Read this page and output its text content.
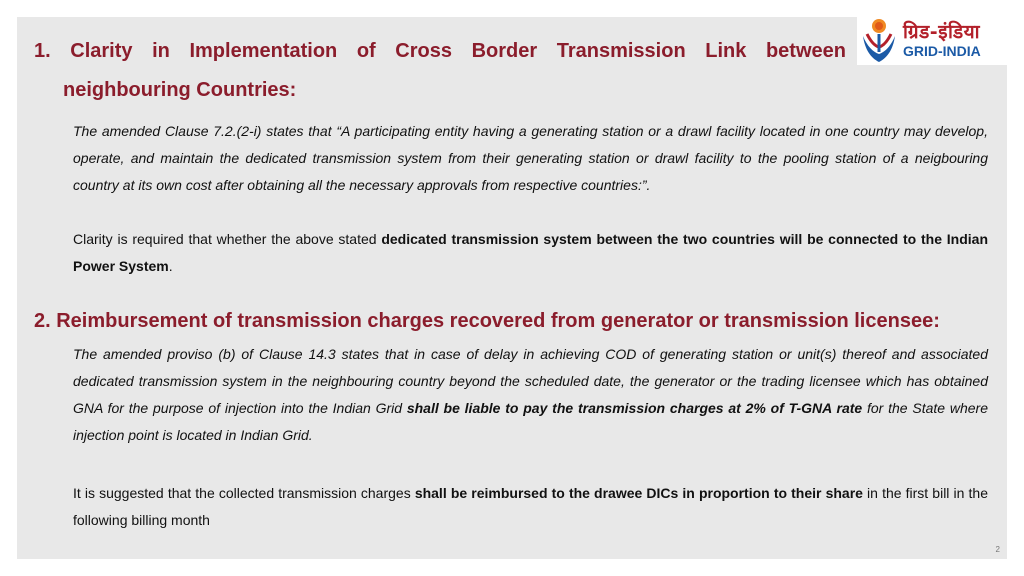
ग्रिड-इंडिया
GRID-INDIA
1. Clarity in Implementation of Cross Border Transmission Link between
neighbouring Countries:
The amended Clause 7.2.(2-i) states that “A participating entity having a generating station or a drawl facility located in one country may develop, operate, and maintain the dedicated transmission system from their generating station or drawl facility to the pooling station of a neigbouring country at its own cost after obtaining all the necessary approvals from respective countries:”.
Clarity is required that whether the above stated dedicated transmission system between the two countries will be connected to the Indian Power System.
2. Reimbursement of transmission charges recovered from generator or transmission licensee:
The amended proviso (b) of Clause 14.3 states that in case of delay in achieving COD of generating station or unit(s) thereof and associated dedicated transmission system in the neighbouring country beyond the scheduled date, the generator or the trading licensee which has obtained GNA for the purpose of injection into the Indian Grid shall be liable to pay the transmission charges at 2% of T-GNA rate for the State where injection point is located in Indian Grid.
It is suggested that the collected transmission charges shall be reimbursed to the drawee DICs in proportion to their share in the first bill in the following billing month
2
